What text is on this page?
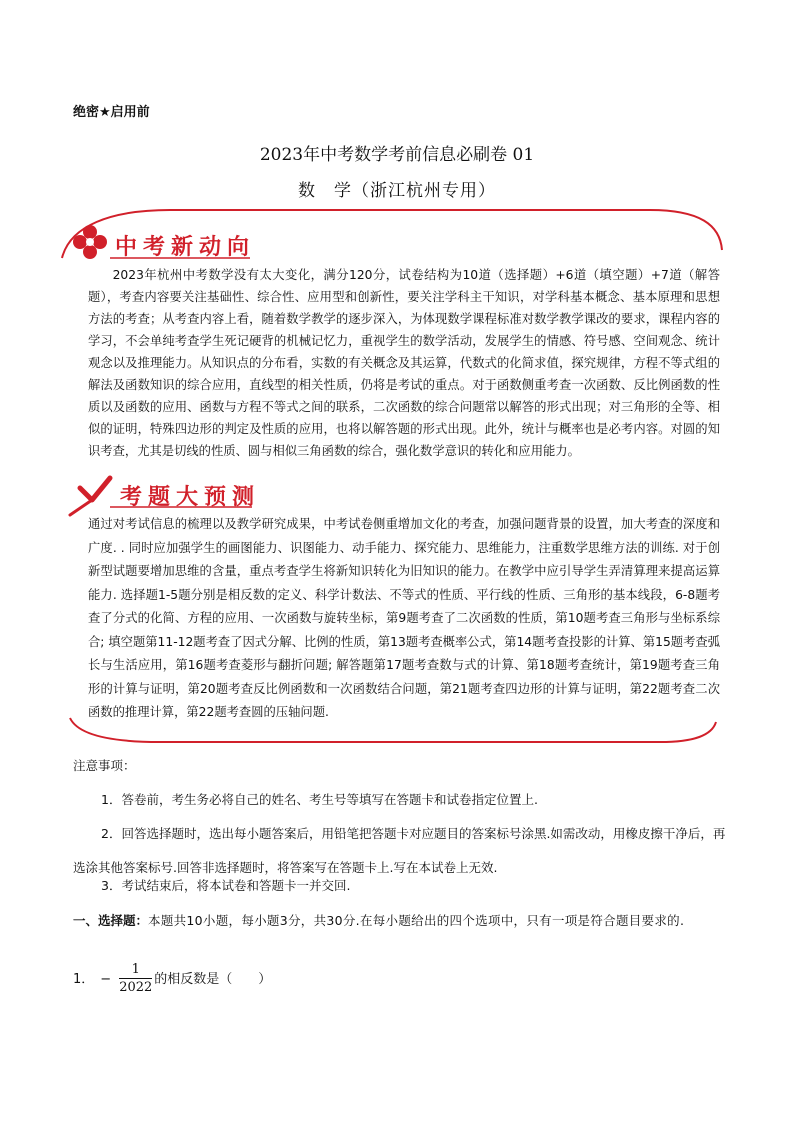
绝密★启用前
2023年中考数学考前信息必刷卷 01
数　学（浙江杭州专用）
中考新动向
2023年杭州中考数学没有太大变化，满分120分，试卷结构为10道（选择题）+6道（填空题）+7道（解答题），考查内容要关注基础性、综合性、应用型和创新性，要关注学科主干知识，对学科基本概念、基本原理和思想方法的考查；从考查内容上看，随着数学教学的逐步深入，为体现数学课程标准对数学教学课改的要求，课程内容的学习，不会单纯考查学生死记硬背的机械记忆力，重视学生的数学活动，发展学生的情感、符号感、空间观念、统计观念以及推理能力。从知识点的分布看，实数的有关概念及其运算，代数式的化简求值，探究规律，方程不等式组的解法及函数知识的综合应用，直线型的相关性质，仍将是考试的重点。对于函数侧重考查一次函数、反比例函数的性质以及函数的应用、函数与方程不等式之间的联系，二次函数的综合问题常以解答的形式出现；对三角形的全等、相似的证明，特殊四边形的判定及性质的应用，也将以解答题的形式出现。此外，统计与概率也是必考内容。对圆的知识考查，尤其是切线的性质、圆与相似三角函数的综合，强化数学意识的转化和应用能力。
考题大预测
通过对考试信息的梳理以及教学研究成果，中考试卷侧重增加文化的考查，加强问题背景的设置，加大考查的深度和广度. . 同时应加强学生的画图能力、识图能力、动手能力、探究能力、思维能力，注重数学思维方法的训练. 对于创新型试题要增加思维的含量，重点考查学生将新知识转化为旧知识的能力。在教学中应引导学生弄清算理来提高运算能力. 选择题1-5题分别是相反数的定义、科学计数法、不等式的性质、平行线的性质、三角形的基本线段，6-8题考查了分式的化简、方程的应用、一次函数与旋转坐标，第9题考查了二次函数的性质，第10题考查三角形与坐标系综合; 填空题第11-12题考查了因式分解、比例的性质，第13题考查概率公式，第14题考查投影的计算、第15题考查弧长与生活应用，第16题考查菱形与翻折问题; 解答题第17题考查数与式的计算、第18题考查统计，第19题考查三角形的计算与证明，第20题考查反比例函数和一次函数结合问题，第21题考查四边形的计算与证明，第22题考查二次函数的推理计算，第22题考查圆的压轴问题.
注意事项：
1．答卷前，考生务必将自己的姓名、考生号等填写在答题卡和试卷指定位置上.
2．回答选择题时，选出每小题答案后，用铅笔把答题卡对应题目的答案标号涂黑.如需改动，用橡皮擦干净后，再选涂其他答案标号.回答非选择题时，将答案写在答题卡上.写在本试卷上无效.
3．考试结束后，将本试卷和答题卡一并交回.
一、选择题：本题共10小题，每小题3分，共30分.在每小题给出的四个选项中，只有一项是符合题目要求的.
1． − $\frac{1}{2022}$ 的相反数是（　　）
